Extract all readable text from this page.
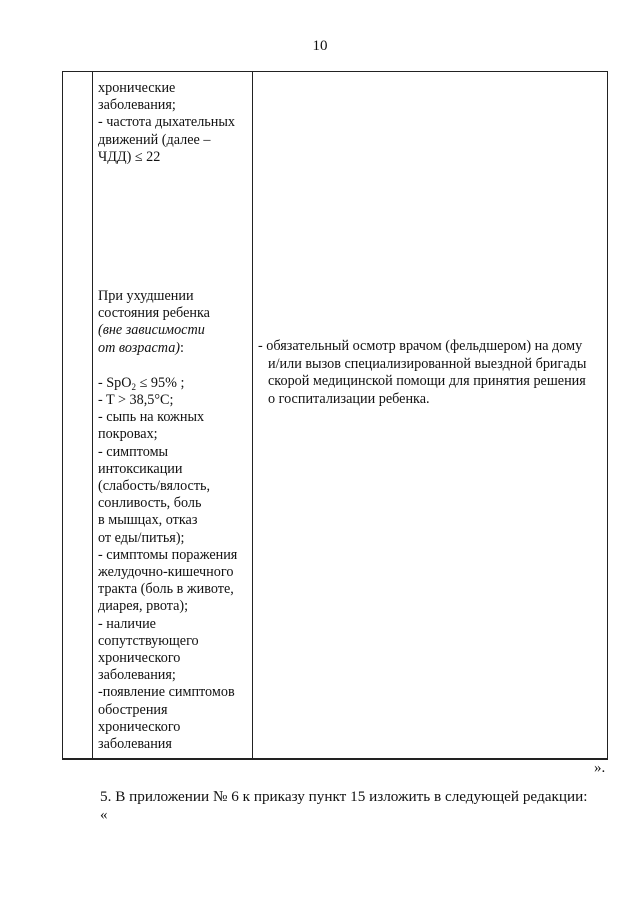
10
хронические
заболевания;
- частота дыхательных
движений (далее –
ЧДД) ≤ 22
При ухудшении
состояния ребенка
(вне зависимости
от возраста):
- SpO$_2$ ≤ 95% ;
- T > 38,5°C;
- сыпь на кожных
покровах;
- симптомы
интоксикации
(слабость/вялость,
сонливость, боль
в мышцах, отказ
от еды/питья);
- симптомы поражения
желудочно-кишечного
тракта (боль в животе,
диарея, рвота);
- наличие
сопутствующего
хронического
заболевания;
-появление симптомов
обострения
хронического
заболевания
- обязательный осмотр врачом (фельдшером) на дому
и/или вызов специализированной выездной бригады
скорой медицинской помощи для принятия решения
о госпитализации ребенка.
».
5. В приложении № 6 к приказу пункт 15 изложить в следующей редакции:
«
